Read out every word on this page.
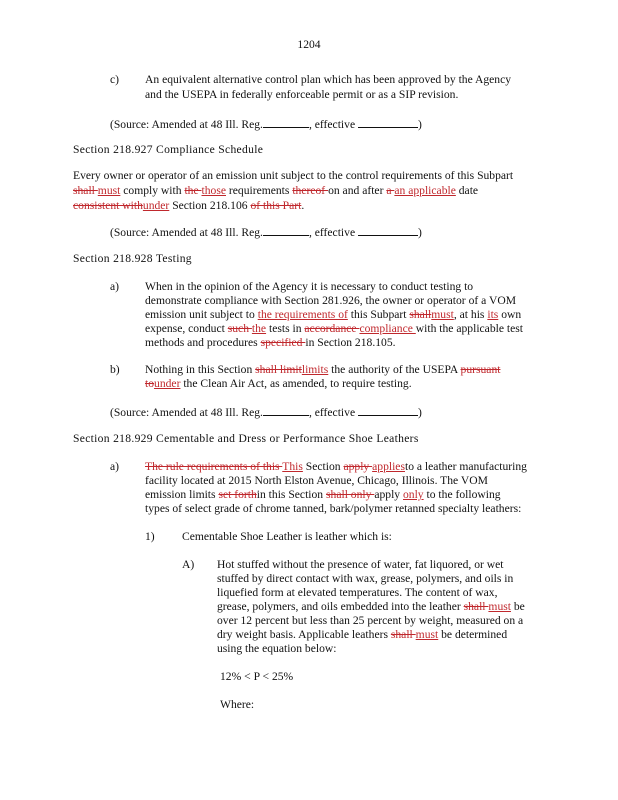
1204
c) An equivalent alternative control plan which has been approved by the Agency
and the USEPA in federally enforceable permit or as a SIP revision.
(Source: Amended at 48 Ill. Reg.	, effective	)
Section 218.927 Compliance Schedule
Every owner or operator of an emission unit subject to the control requirements of this Subpart
shall must comply with the those requirements thereof on and after a an applicable date
consistent withunder Section 218.106 of this Part.
(Source: Amended at 48 Ill. Reg.	, effective	)
Section 218.928 Testing
a) When in the opinion of the Agency it is necessary to conduct testing to
demonstrate compliance with Section 281.926, the owner or operator of a VOM
emission unit subject to the requirements of this Subpart shallmust, at his its own
expense, conduct such the tests in accordance compliance with the applicable test
methods and procedures specified in Section 218.105.
b) Nothing in this Section shall limitlimits the authority of the USEPA pursuant
tounder the Clean Air Act, as amended, to require testing.
(Source: Amended at 48 Ill. Reg.	, effective	)
Section 218.929 Cementable and Dress or Performance Shoe Leathers
a) The rule requirements of this This Section apply appliesto a leather manufacturing
facility located at 2015 North Elston Avenue, Chicago, Illinois. The VOM
emission limits set forthin this Section shall only apply only to the following
types of select grade of chrome tanned, bark/polymer retanned specialty leathers:
1) Cementable Shoe Leather is leather which is:
A) Hot stuffed without the presence of water, fat liquored, or wet
stuffed by direct contact with wax, grease, polymers, and oils in
liquefied form at elevated temperatures. The content of wax,
grease, polymers, and oils embedded into the leather shall must be
over 12 percent but less than 25 percent by weight, measured on a
dry weight basis. Applicable leathers shall must be determined
using the equation below:
12% < P < 25%
Where:
